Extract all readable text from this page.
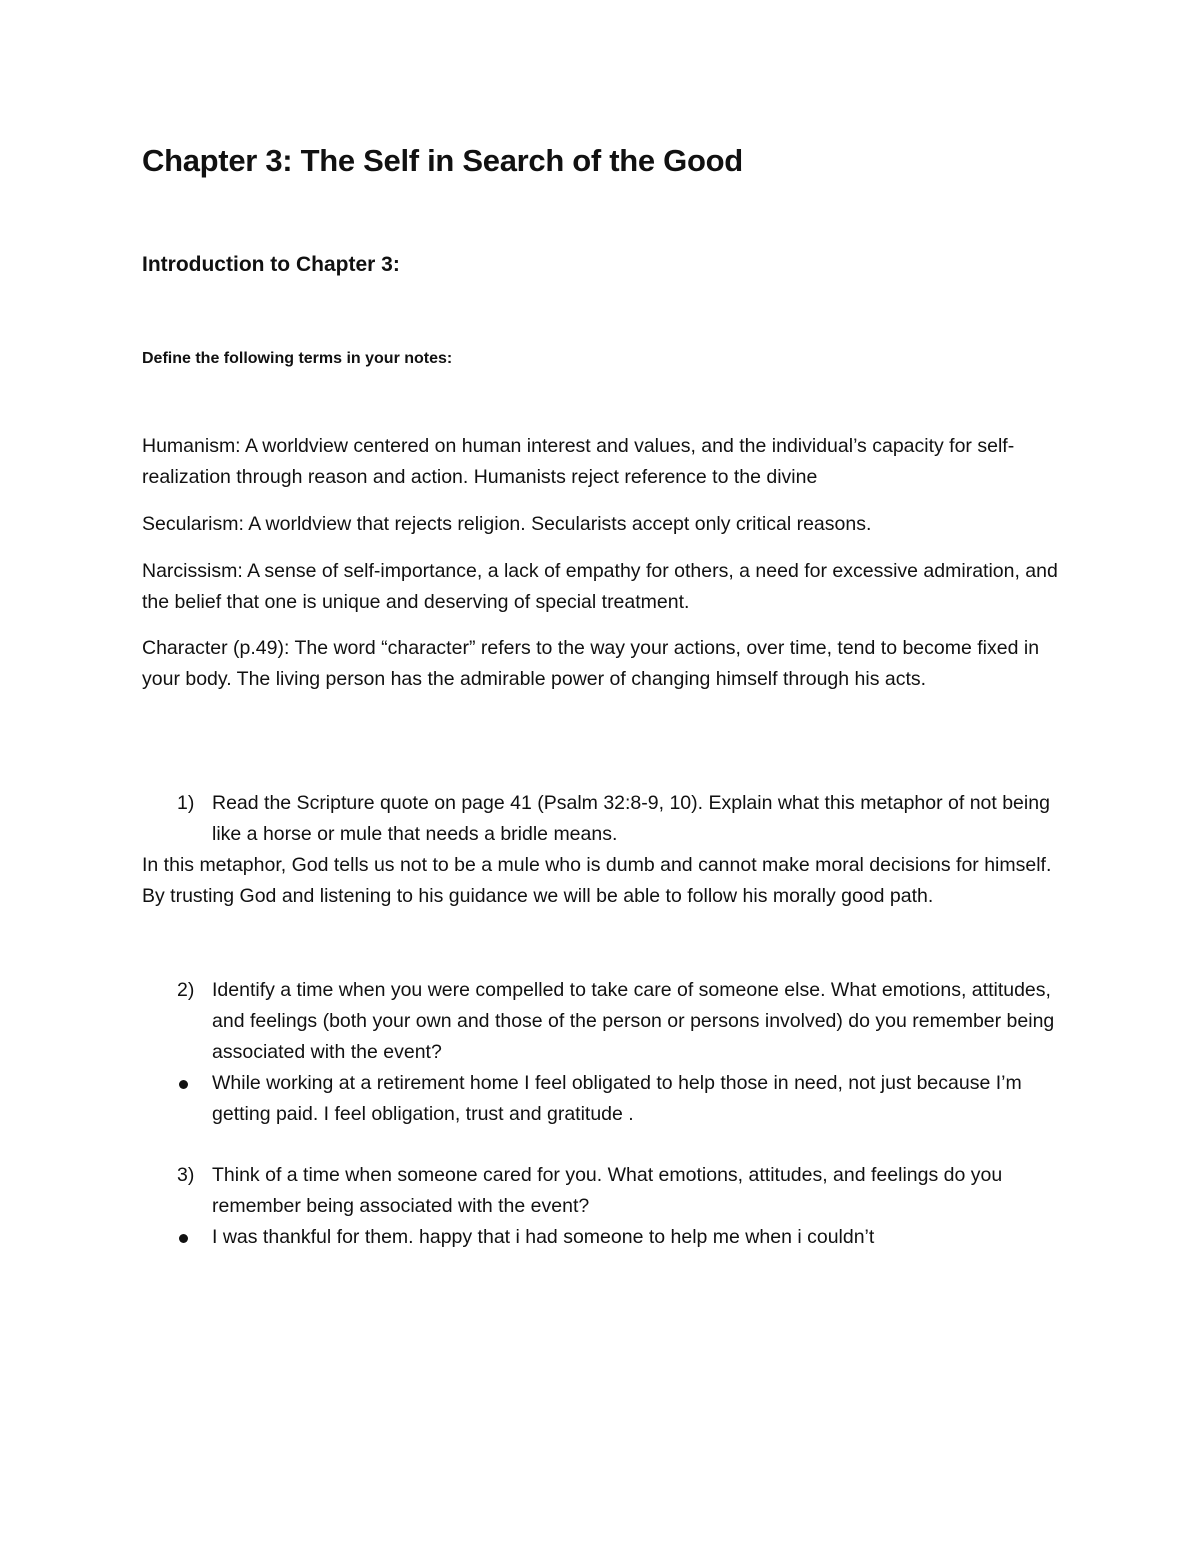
Chapter 3: The Self in Search of the Good
Introduction to Chapter 3:
Define the following terms in your notes:
Humanism: A worldview centered on human interest and values, and the individual’s capacity for self-realization through reason and action. Humanists reject reference to the divine
Secularism: A worldview that rejects religion. Secularists accept only critical reasons.
Narcissism: A sense of self-importance, a lack of empathy for others, a need for excessive admiration, and the belief that one is unique and deserving of special treatment.
Character (p.49): The word “character” refers to the way your actions, over time, tend to become fixed in your body. The living person has the admirable power of changing himself through his acts.
1) Read the Scripture quote on page 41 (Psalm 32:8-9, 10). Explain what this metaphor of not being like a horse or mule that needs a bridle means.
In this metaphor, God tells us not to be a mule who is dumb and cannot make moral decisions for himself. By trusting God and listening to his guidance we will be able to follow his morally good path.
2) Identify a time when you were compelled to take care of someone else. What emotions, attitudes, and feelings (both your own and those of the person or persons involved) do you remember being associated with the event?
While working at a retirement home I feel obligated to help those in need, not just because I’m getting paid. I feel obligation, trust and gratitude .
3) Think of a time when someone cared for you. What emotions, attitudes, and feelings do you remember being associated with the event?
I was thankful for them. happy that i had someone to help me when i couldn’t
